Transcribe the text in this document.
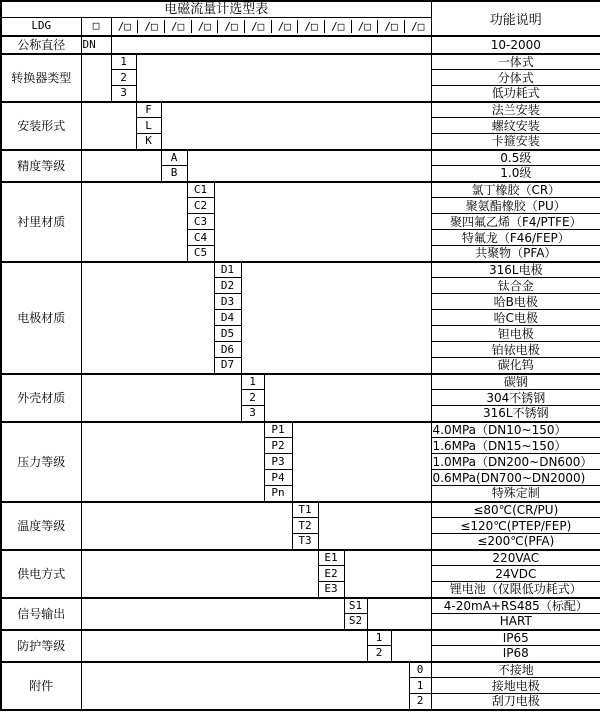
电磁流量计选型表															功能说明
LDG	□	/□	/□	/□	/□	/□	/□	/□	/□	/□	/□	/□	/□

公称直径	DN														10-2000
转换器类型		1													一体式
		2													分体式
		3													低功耗式
安装形式			F												法兰安装
			L												螺纹安装
			K												卡箍安装
精度等级				A											0.5级
				B											1.0级
衬里材质					C1										氯丁橡胶（CR）
					C2										聚氨酯橡胶（PU）
					C3										聚四氟乙烯（F4/PTFE）
					C4										特氟龙（F46/FEP）
					C5										共聚物（PFA）
电极材质						D1									316L电极
						D2									钛合金
						D3									哈B电极
						D4									哈C电极
						D5									钽电极
						D6									铂铱电极
						D7									碳化钨
外壳材质							1								碳钢
							2								304不锈钢
							3								316L不锈钢
压力等级								P1							4.0MPa（DN10~150）
								P2							1.6MPa（DN15~150）
								P3							1.0MPa（DN200~DN600）
								P4							0.6MPa(DN700~DN2000)
								Pn							特殊定制
温度等级									T1						≤80℃(CR/PU)
									T2						≤120℃(PTEP/FEP)
									T3						≤200℃(PFA)
供电方式										E1					220VAC
										E2					24VDC
										E3					锂电池（仅限低功耗式）
信号输出											S1				4-20mA+RS485（标配）
											S2				HART
防护等级												1			IP65
												2			IP68
附件														0	不接地
														1	接地电极
														2	刮刀电极
